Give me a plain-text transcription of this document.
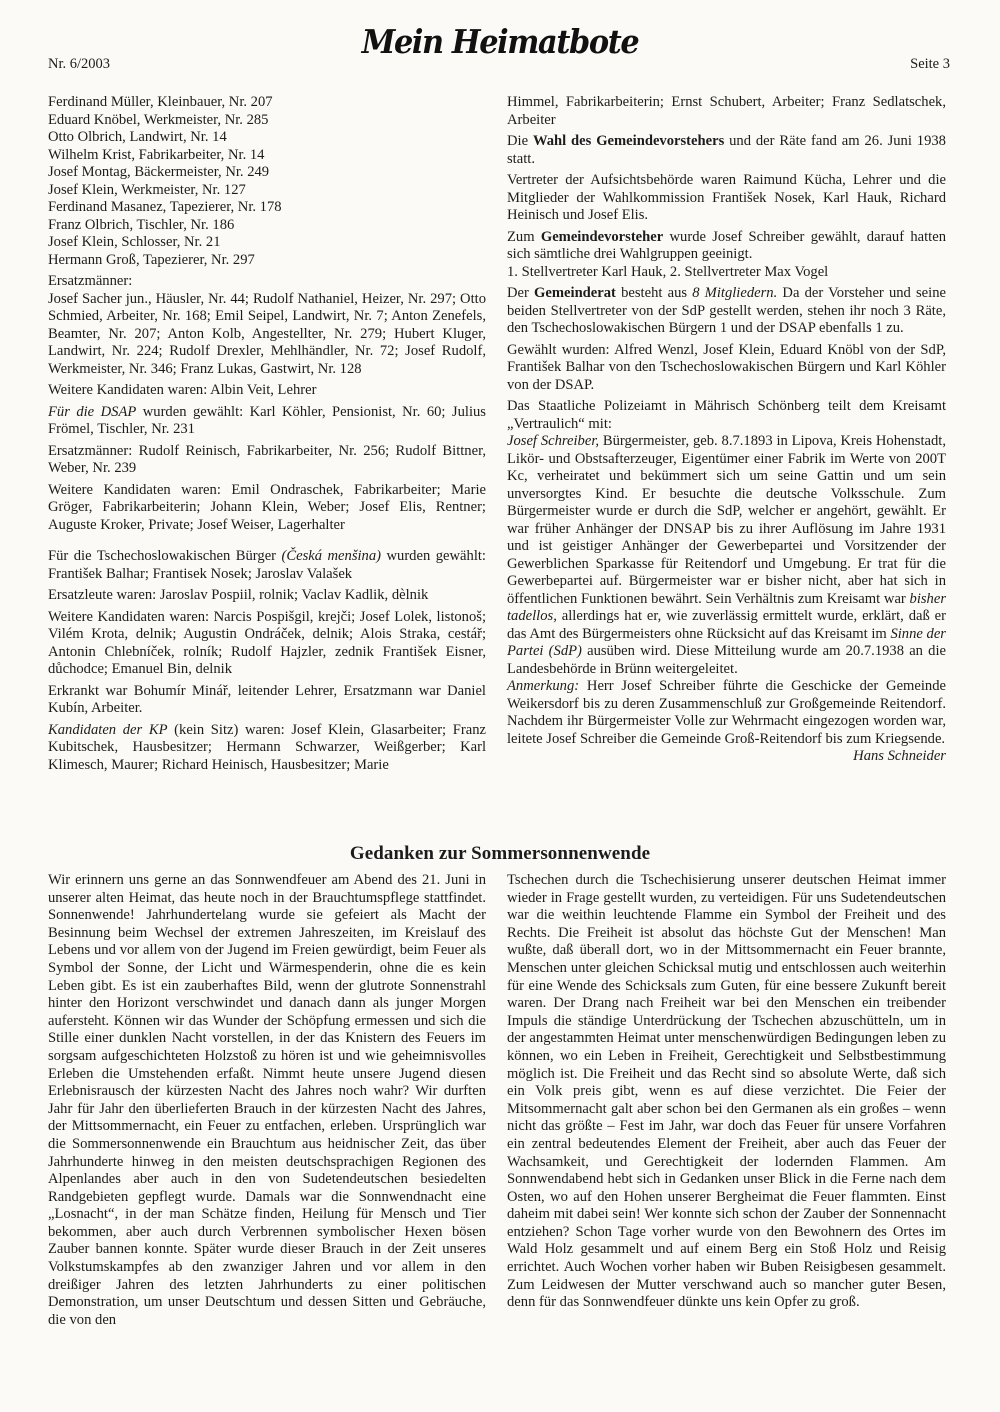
Nr. 6/2003
Mein Heimatbote
Seite 3

Ferdinand Müller, Kleinbauer, Nr. 207

Eduard Knöbel, Werkmeister, Nr. 285

Otto Olbrich, Landwirt, Nr. 14

Wilhelm Krist, Fabrikarbeiter, Nr. 14

Josef Montag, Bäckermeister, Nr. 249

Josef Klein, Werkmeister, Nr. 127

Ferdinand Masanez, Tapezierer, Nr. 178

Franz Olbrich, Tischler, Nr. 186

Josef Klein, Schlosser, Nr. 21

Hermann Groß, Tapezierer, Nr. 297

Ersatzmänner:

Josef Sacher jun., Häusler, Nr. 44; Rudolf Nathaniel, Heizer, Nr. 297; Otto Schmied, Arbeiter, Nr. 168; Emil Seipel, Landwirt, Nr. 7; Anton Zenefels, Beamter, Nr. 207; Anton Kolb, Angestellter, Nr. 279; Hubert Kluger, Landwirt, Nr. 224; Rudolf Drexler, Mehlhändler, Nr. 72; Josef Rudolf, Werkmeister, Nr. 346; Franz Lukas, Gastwirt, Nr. 128

Weitere Kandidaten waren: Albin Veit, Lehrer

Für die DSAP wurden gewählt: Karl Köhler, Pensionist, Nr. 60; Julius Frömel, Tischler, Nr. 231

Ersatzmänner: Rudolf Reinisch, Fabrikarbeiter, Nr. 256; Rudolf Bittner, Weber, Nr. 239

Weitere Kandidaten waren: Emil Ondraschek, Fabrikarbeiter; Marie Gröger, Fabrikarbeiterin; Johann Klein, Weber; Josef Elis, Rentner; Auguste Kroker, Private; Josef Weiser, Lagerhalter

Für die Tschechoslowakischen Bürger (Česká menšina) wurden gewählt: František Balhar; Frantisek Nosek; Jaroslav Valašek

Ersatzleute waren: Jaroslav Pospiil, rolnik; Vaclav Kadlik, dèlnik

Weitere Kandidaten waren: Narcis Pospišgil, krejči; Josef Lolek, listonoš; Vilém Krota, delnik; Augustin Ondráček, delnik; Alois Straka, cestář; Antonin Chlebníček, rolník; Rudolf Hajzler, zednik František Eisner, důchodce; Emanuel Bin, delnik

Erkrankt war Bohumír Minář, leitender Lehrer, Ersatzmann war Daniel Kubín, Arbeiter.

Kandidaten der KP (kein Sitz) waren: Josef Klein, Glasarbeiter; Franz Kubitschek, Hausbesitzer; Hermann Schwarzer, Weißgerber; Karl Klimesch, Maurer; Richard Heinisch, Hausbesitzer; Marie

Himmel, Fabrikarbeiterin; Ernst Schubert, Arbeiter; Franz Sedlatschek, Arbeiter

Die Wahl des Gemeindevorstehers und der Räte fand am 26. Juni 1938 statt.

Vertreter der Aufsichtsbehörde waren Raimund Kücha, Lehrer und die Mitglieder der Wahlkommission František Nosek, Karl Hauk, Richard Heinisch und Josef Elis.

Zum Gemeindevorsteher wurde Josef Schreiber gewählt, darauf hatten sich sämtliche drei Wahlgruppen geeinigt.

1. Stellvertreter Karl Hauk, 2. Stellvertreter Max Vogel

Der Gemeinderat besteht aus 8 Mitgliedern. Da der Vorsteher und seine beiden Stellvertreter von der SdP gestellt werden, stehen ihr noch 3 Räte, den Tschechoslowakischen Bürgern 1 und der DSAP ebenfalls 1 zu.

Gewählt wurden: Alfred Wenzl, Josef Klein, Eduard Knöbl von der SdP, František Balhar von den Tschechoslowakischen Bürgern und Karl Köhler von der DSAP.

Das Staatliche Polizeiamt in Mährisch Schönberg teilt dem Kreisamt „Vertraulich“ mit:

Josef Schreiber, Bürgermeister, geb. 8.7.1893 in Lipova, Kreis Hohenstadt, Likör- und Obstsafterzeuger, Eigentümer einer Fabrik im Werte von 200T Kc, verheiratet und bekümmert sich um seine Gattin und um sein unversorgtes Kind. Er besuchte die deutsche Volksschule. Zum Bürgermeister wurde er durch die SdP, welcher er angehört, gewählt. Er war früher Anhänger der DNSAP bis zu ihrer Auflösung im Jahre 1931 und ist geistiger Anhänger der Gewerbepartei und Vorsitzender der Gewerblichen Sparkasse für Reitendorf und Umgebung. Er trat für die Gewerbepartei auf. Bürgermeister war er bisher nicht, aber hat sich in öffentlichen Funktionen bewährt. Sein Verhältnis zum Kreisamt war bisher tadellos, allerdings hat er, wie zuverlässig ermittelt wurde, erklärt, daß er das Amt des Bürgermeisters ohne Rücksicht auf das Kreisamt im Sinne der Partei (SdP) ausüben wird. Diese Mitteilung wurde am 20.7.1938 an die Landesbehörde in Brünn weitergeleitet.

Anmerkung: Herr Josef Schreiber führte die Geschicke der Gemeinde Weikersdorf bis zu deren Zusammenschluß zur Großgemeinde Reitendorf. Nachdem ihr Bürgermeister Volle zur Wehrmacht eingezogen worden war, leitete Josef Schreiber die Gemeinde Groß-Reitendorf bis zum Kriegsende.
Hans Schneider

Gedanken zur Sommersonnenwende

Wir erinnern uns gerne an das Sonnwendfeuer am Abend des 21. Juni in unserer alten Heimat, das heute noch in der Brauchtumspflege stattfindet. Sonnenwende! Jahrhundertelang wurde sie gefeiert als Macht der Besinnung beim Wechsel der extremen Jahreszeiten, im Kreislauf des Lebens und vor allem von der Jugend im Freien gewürdigt, beim Feuer als Symbol der Sonne, der Licht und Wärmespenderin, ohne die es kein Leben gibt. Es ist ein zauberhaftes Bild, wenn der glutrote Sonnenstrahl hinter den Horizont verschwindet und danach dann als junger Morgen aufersteht. Können wir das Wunder der Schöpfung ermessen und sich die Stille einer dunklen Nacht vorstellen, in der das Knistern des Feuers im sorgsam aufgeschichteten Holzstoß zu hören ist und wie geheimnisvolles Erleben die Umstehenden erfaßt. Nimmt heute unsere Jugend diesen Erlebnisrausch der kürzesten Nacht des Jahres noch wahr? Wir durften Jahr für Jahr den überlieferten Brauch in der kürzesten Nacht des Jahres, der Mittsommernacht, ein Feuer zu entfachen, erleben. Ursprünglich war die Sommersonnenwende ein Brauchtum aus heidnischer Zeit, das über Jahrhunderte hinweg in den meisten deutschsprachigen Regionen des Alpenlandes aber auch in den von Sudetendeutschen besiedelten Randgebieten gepflegt wurde. Damals war die Sonnwendnacht eine „Losnacht“, in der man Schätze finden, Heilung für Mensch und Tier bekommen, aber auch durch Verbrennen symbolischer Hexen bösen Zauber bannen konnte. Später wurde dieser Brauch in der Zeit unseres Volkstumskampfes ab den zwanziger Jahren und vor allem in den dreißiger Jahren des letzten Jahrhunderts zu einer politischen Demonstration, um unser Deutschtum und dessen Sitten und Gebräuche, die von den

Tschechen durch die Tschechisierung unserer deutschen Heimat immer wieder in Frage gestellt wurden, zu verteidigen. Für uns Sudetendeutschen war die weithin leuchtende Flamme ein Symbol der Freiheit und des Rechts. Die Freiheit ist absolut das höchste Gut der Menschen! Man wußte, daß überall dort, wo in der Mittsommernacht ein Feuer brannte, Menschen unter gleichen Schicksal mutig und entschlossen auch weiterhin für eine Wende des Schicksals zum Guten, für eine bessere Zukunft bereit waren. Der Drang nach Freiheit war bei den Menschen ein treibender Impuls die ständige Unterdrückung der Tschechen abzuschütteln, um in der angestammten Heimat unter menschenwürdigen Bedingungen leben zu können, wo ein Leben in Freiheit, Gerechtigkeit und Selbstbestimmung möglich ist. Die Freiheit und das Recht sind so absolute Werte, daß sich ein Volk preis gibt, wenn es auf diese verzichtet. Die Feier der Mitsommernacht galt aber schon bei den Germanen als ein großes – wenn nicht das größte – Fest im Jahr, war doch das Feuer für unsere Vorfahren ein zentral bedeutendes Element der Freiheit, aber auch das Feuer der Wachsamkeit, und Gerechtigkeit der lodernden Flammen. Am Sonnwendabend hebt sich in Gedanken unser Blick in die Ferne nach dem Osten, wo auf den Hohen unserer Bergheimat die Feuer flammten. Einst daheim mit dabei sein! Wer konnte sich schon der Zauber der Sonnennacht entziehen? Schon Tage vorher wurde von den Bewohnern des Ortes im Wald Holz gesammelt und auf einem Berg ein Stoß Holz und Reisig errichtet. Auch Wochen vorher haben wir Buben Reisigbesen gesammelt. Zum Leidwesen der Mutter verschwand auch so mancher guter Besen, denn für das Sonnwendfeuer dünkte uns kein Opfer zu groß.
